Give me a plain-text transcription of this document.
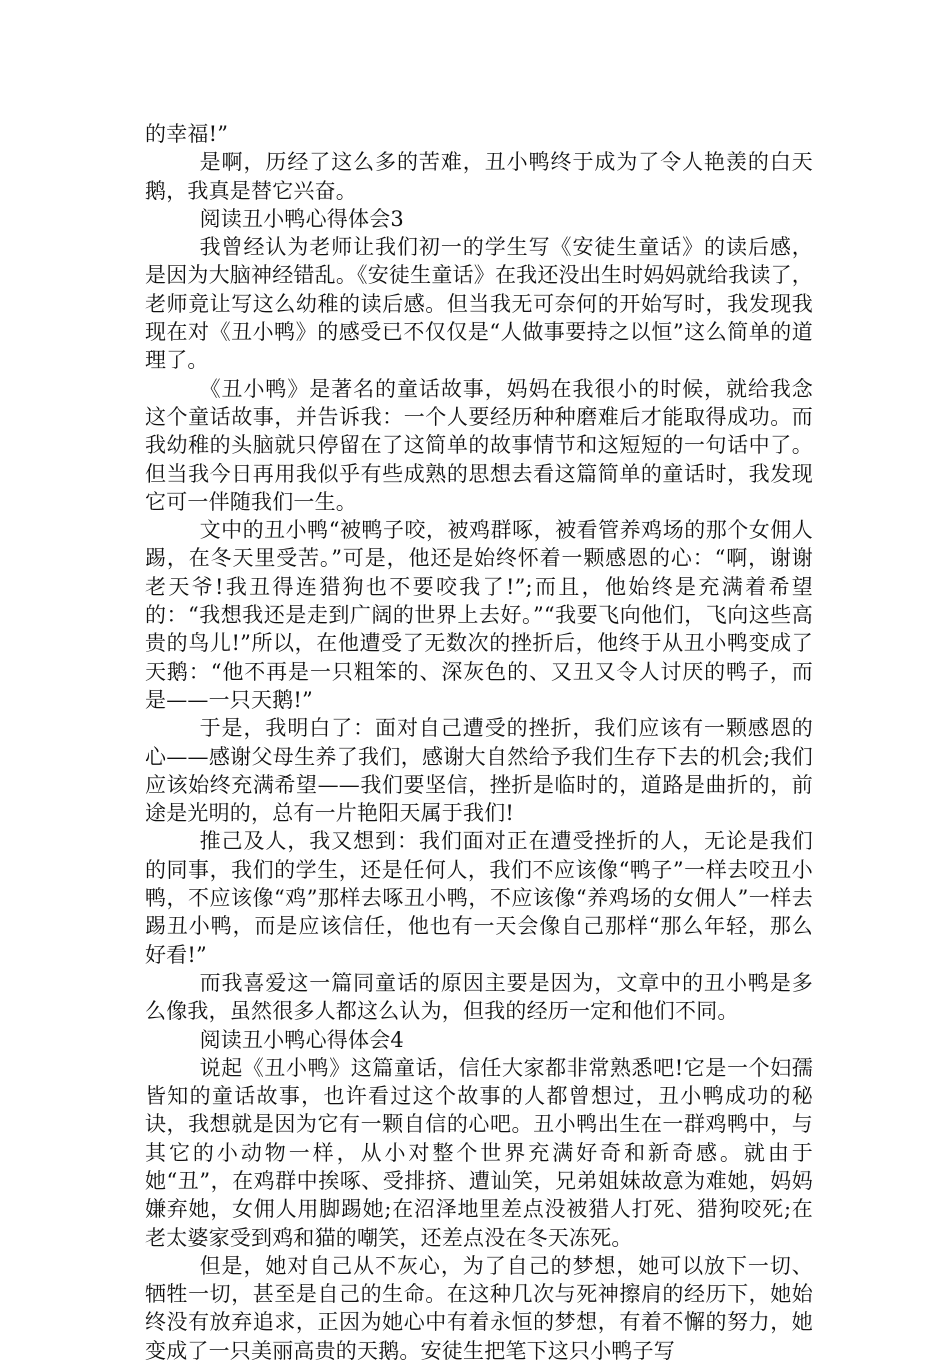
的幸福!”

是啊，历经了这么多的苦难，丑小鸭终于成为了令人艳羡的白天鹅，我真是替它兴奋。

阅读丑小鸭心得体会3

我曾经认为老师让我们初一的学生写《安徒生童话》的读后感，是因为大脑神经错乱。《安徒生童话》在我还没出生时妈妈就给我读了，老师竟让写这么幼稚的读后感。但当我无可奈何的开始写时，我发现我现在对《丑小鸭》的感受已不仅仅是“人做事要持之以恒”这么简单的道理了。

《丑小鸭》是著名的童话故事，妈妈在我很小的时候，就给我念这个童话故事，并告诉我：一个人要经历种种磨难后才能取得成功。而我幼稚的头脑就只停留在了这简单的故事情节和这短短的一句话中了。但当我今日再用我似乎有些成熟的思想去看这篇简单的童话时，我发现它可一伴随我们一生。

文中的丑小鸭“被鸭子咬，被鸡群啄，被看管养鸡场的那个女佣人踢，在冬天里受苦。”可是，他还是始终怀着一颗感恩的心：“啊，谢谢老天爷!我丑得连猎狗也不要咬我了!”;而且，他始终是充满着希望的：“我想我还是走到广阔的世界上去好。”“我要飞向他们，飞向这些高贵的鸟儿!”所以，在他遭受了无数次的挫折后，他终于从丑小鸭变成了天鹅：“他不再是一只粗笨的、深灰色的、又丑又令人讨厌的鸭子，而是——一只天鹅!”

于是，我明白了：面对自己遭受的挫折，我们应该有一颗感恩的心——感谢父母生养了我们，感谢大自然给予我们生存下去的机会;我们应该始终充满希望——我们要坚信，挫折是临时的，道路是曲折的，前途是光明的，总有一片艳阳天属于我们!

推己及人，我又想到：我们面对正在遭受挫折的人，无论是我们的同事，我们的学生，还是任何人，我们不应该像“鸭子”一样去咬丑小鸭，不应该像“鸡”那样去啄丑小鸭，不应该像“养鸡场的女佣人”一样去踢丑小鸭，而是应该信任，他也有一天会像自己那样“那么年轻，那么好看!”

而我喜爱这一篇同童话的原因主要是因为，文章中的丑小鸭是多么像我，虽然很多人都这么认为，但我的经历一定和他们不同。

阅读丑小鸭心得体会4

说起《丑小鸭》这篇童话，信任大家都非常熟悉吧!它是一个妇孺皆知的童话故事，也许看过这个故事的人都曾想过，丑小鸭成功的秘诀，我想就是因为它有一颗自信的心吧。丑小鸭出生在一群鸡鸭中，与其它的小动物一样，从小对整个世界充满好奇和新奇感。就由于她“丑”，在鸡群中挨啄、受排挤、遭讪笑，兄弟姐妹故意为难她，妈妈嫌弃她，女佣人用脚踢她;在沼泽地里差点没被猎人打死、猎狗咬死;在老太婆家受到鸡和猫的嘲笑，还差点没在冬天冻死。

但是，她对自己从不灰心，为了自己的梦想，她可以放下一切、牺牲一切，甚至是自己的生命。在这种几次与死神擦肩的经历下，她始终没有放弃追求，正因为她心中有着永恒的梦想，有着不懈的努力，她变成了一只美丽高贵的天鹅。安徒生把笔下这只小鸭子写
